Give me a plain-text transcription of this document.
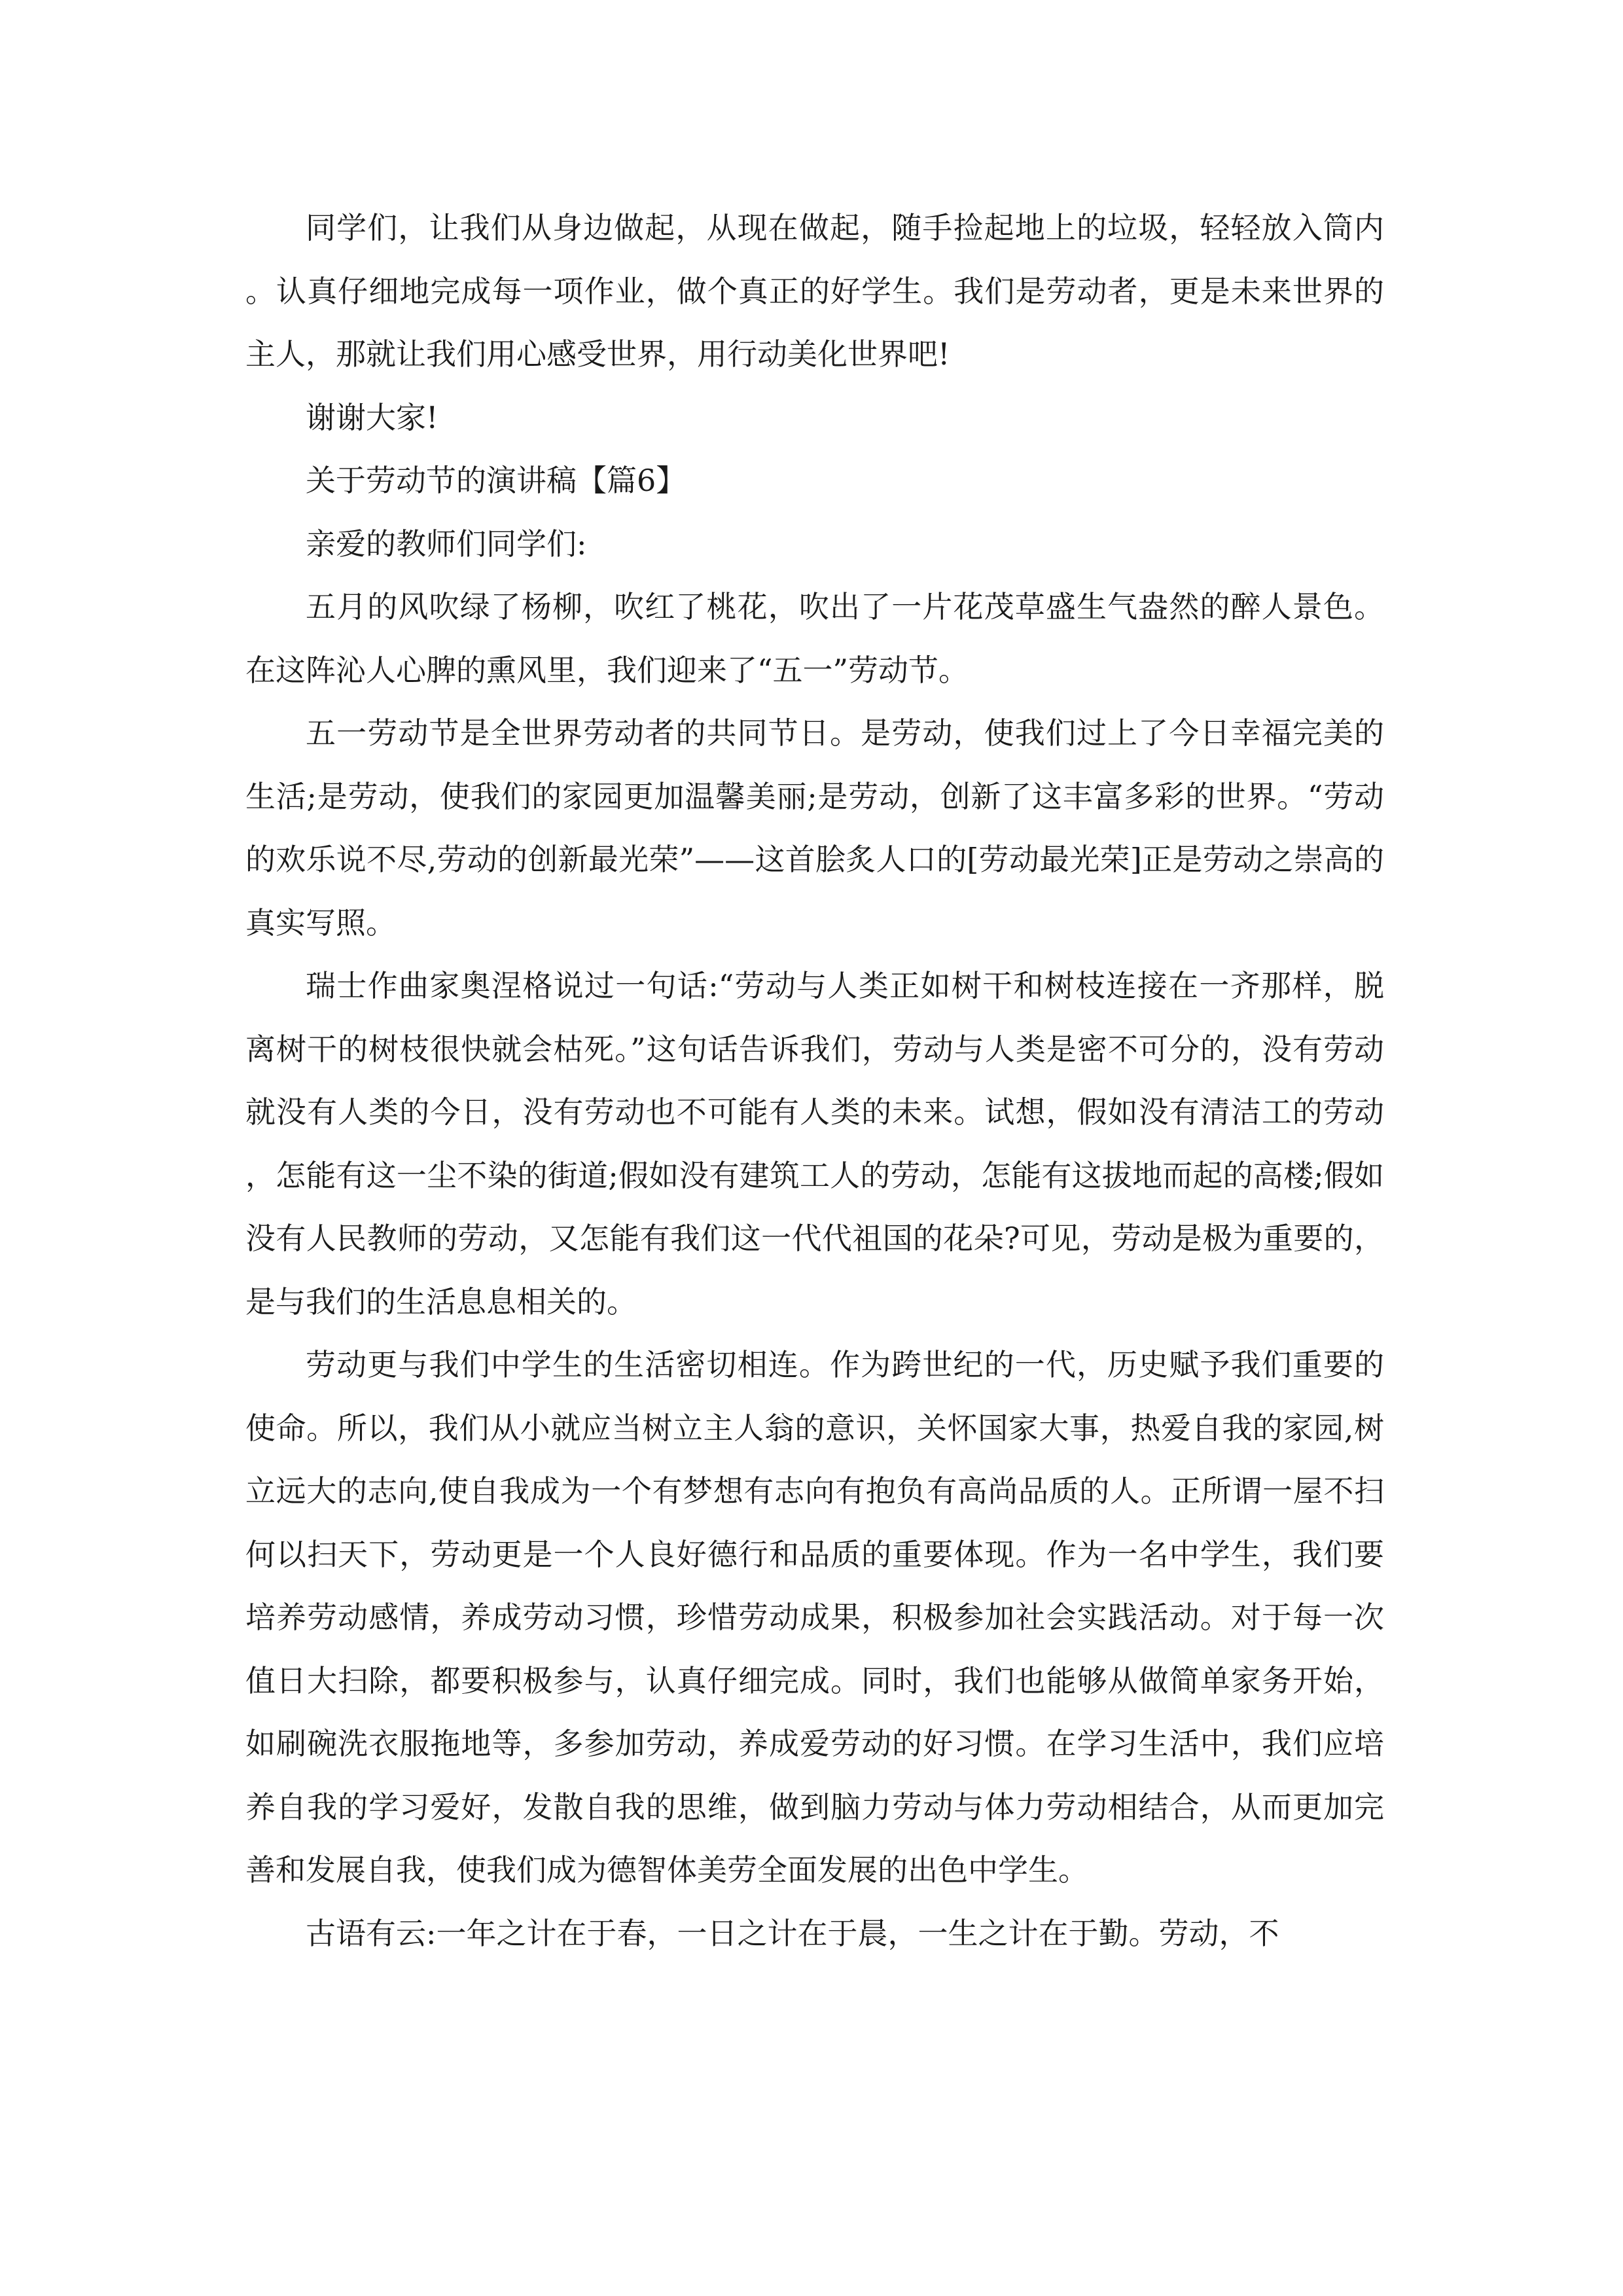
同学们，让我们从身边做起，从现在做起，随手捡起地上的垃圾，轻轻放入筒内。认真仔细地完成每一项作业，做个真正的好学生。我们是劳动者，更是未来世界的主人，那就让我们用心感受世界，用行动美化世界吧!

谢谢大家!

关于劳动节的演讲稿【篇6】

亲爱的教师们同学们:

五月的风吹绿了杨柳，吹红了桃花，吹出了一片花茂草盛生气盎然的醉人景色。在这阵沁人心脾的熏风里，我们迎来了“五一”劳动节。

五一劳动节是全世界劳动者的共同节日。是劳动，使我们过上了今日幸福完美的生活;是劳动，使我们的家园更加温馨美丽;是劳动，创新了这丰富多彩的世界。“劳动的欢乐说不尽,劳动的创新最光荣”——这首脍炙人口的[劳动最光荣]正是劳动之崇高的真实写照。

瑞士作曲家奥涅格说过一句话:“劳动与人类正如树干和树枝连接在一齐那样，脱离树干的树枝很快就会枯死。”这句话告诉我们，劳动与人类是密不可分的，没有劳动就没有人类的今日，没有劳动也不可能有人类的未来。试想，假如没有清洁工的劳动，怎能有这一尘不染的街道;假如没有建筑工人的劳动，怎能有这拔地而起的高楼;假如没有人民教师的劳动，又怎能有我们这一代代祖国的花朵?可见，劳动是极为重要的，是与我们的生活息息相关的。

劳动更与我们中学生的生活密切相连。作为跨世纪的一代，历史赋予我们重要的使命。所以，我们从小就应当树立主人翁的意识，关怀国家大事，热爱自我的家园,树立远大的志向,使自我成为一个有梦想有志向有抱负有高尚品质的人。正所谓一屋不扫何以扫天下，劳动更是一个人良好德行和品质的重要体现。作为一名中学生，我们要培养劳动感情，养成劳动习惯，珍惜劳动成果，积极参加社会实践活动。对于每一次值日大扫除，都要积极参与，认真仔细完成。同时，我们也能够从做简单家务开始，如刷碗洗衣服拖地等，多参加劳动，养成爱劳动的好习惯。在学习生活中，我们应培养自我的学习爱好，发散自我的思维，做到脑力劳动与体力劳动相结合，从而更加完善和发展自我，使我们成为德智体美劳全面发展的出色中学生。

古语有云:一年之计在于春，一日之计在于晨，一生之计在于勤。劳动，不
